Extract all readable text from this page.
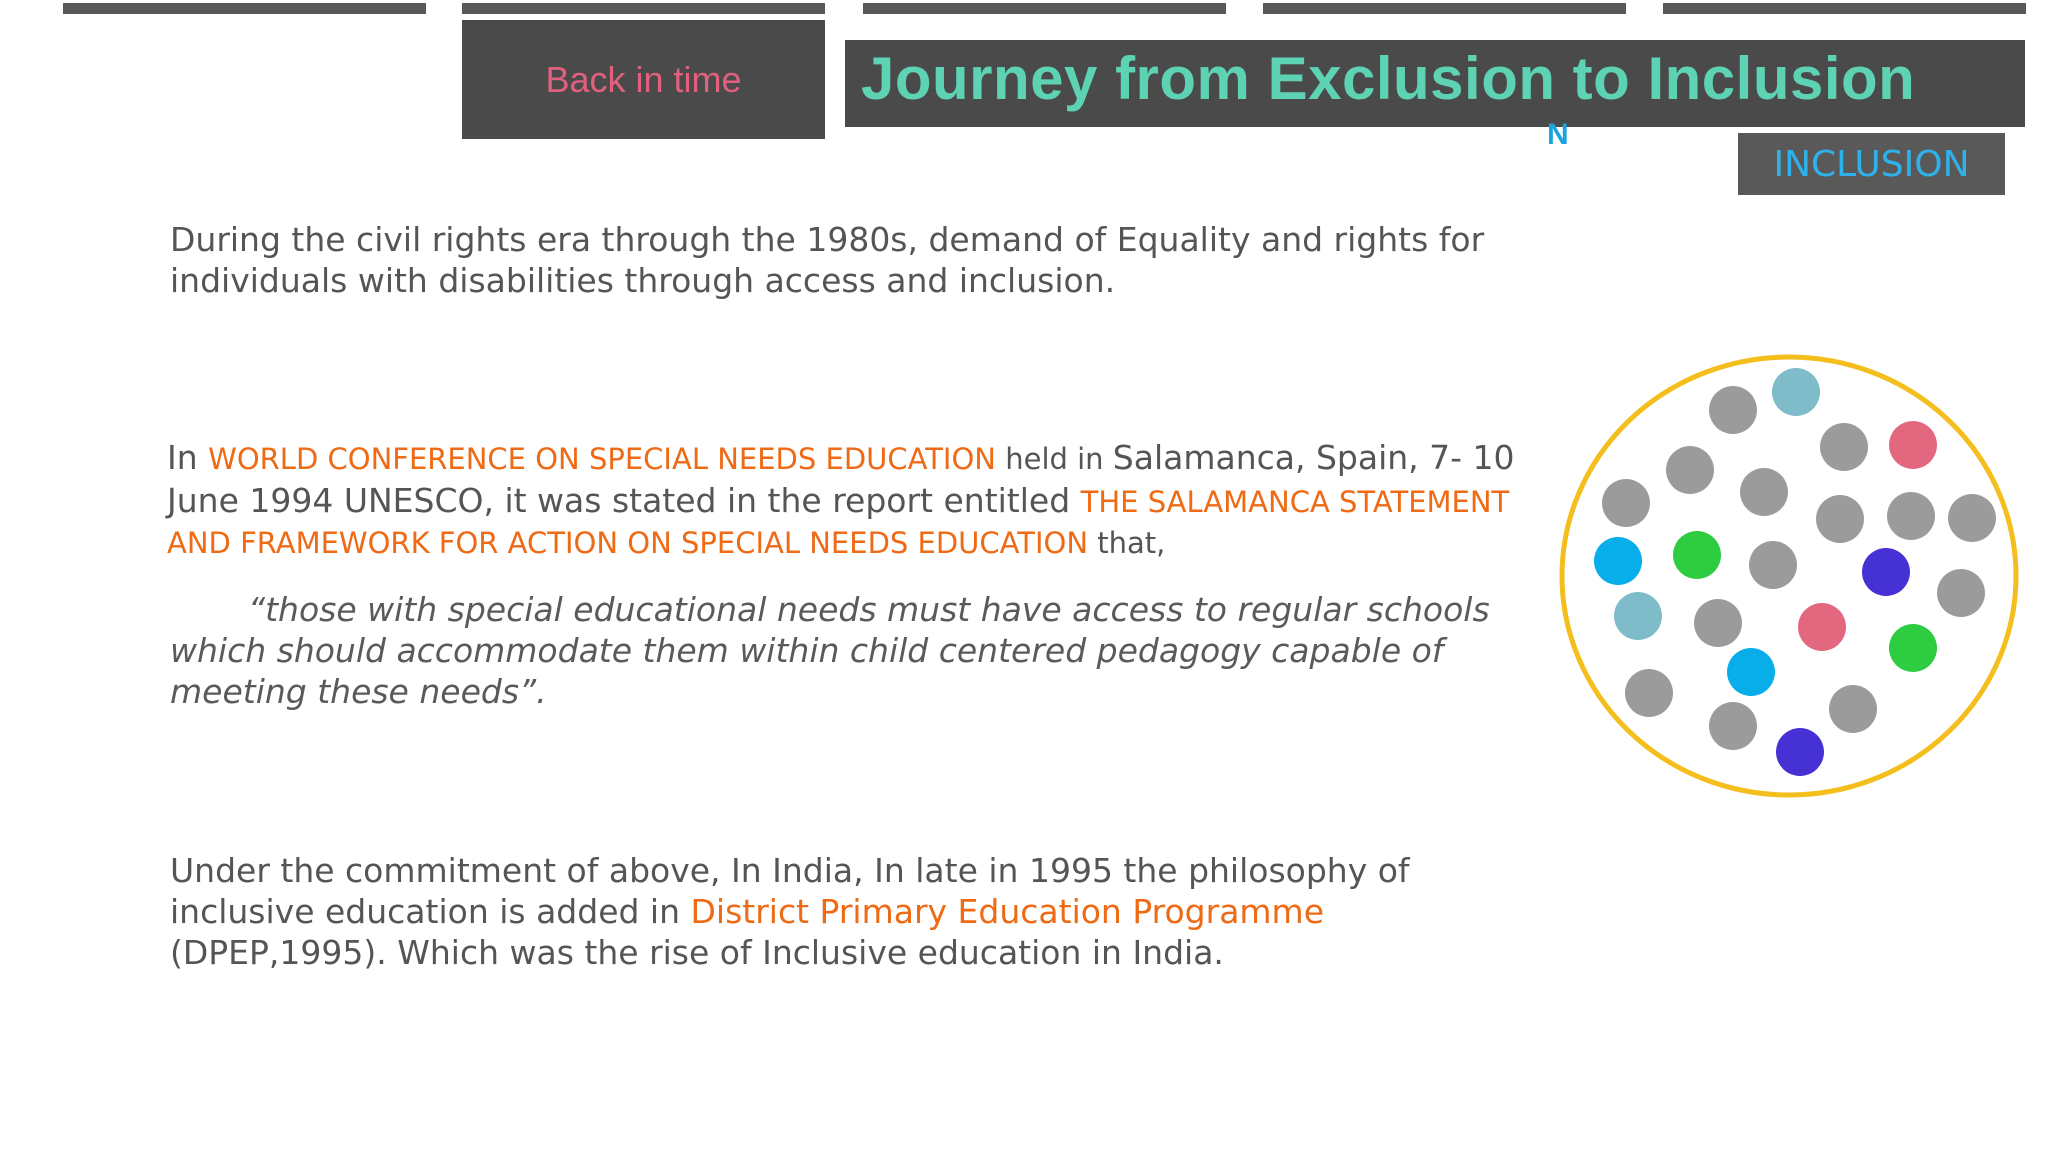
Back in time Journey from Exclusion to Inclusion
N
INCLUSION
During the civil rights era through the 1980s, demand of Equality and rights for
individuals with disabilities through access and inclusion.
In WORLD CONFERENCE ON SPECIAL NEEDS EDUCATION held in Salamanca, Spain, 7- 10
June 1994 UNESCO, it was stated in the report entitled THE SALAMANCA STATEMENT
AND FRAMEWORK FOR ACTION ON SPECIAL NEEDS EDUCATION that,
“those with special educational needs must have access to regular schools
which should accommodate them within child centered pedagogy capable of
meeting these needs”.
Under the commitment of above, In India, In late in 1995 the philosophy of
inclusive education is added in District Primary Education Programme
(DPEP,1995). Which was the rise of Inclusive education in India.
